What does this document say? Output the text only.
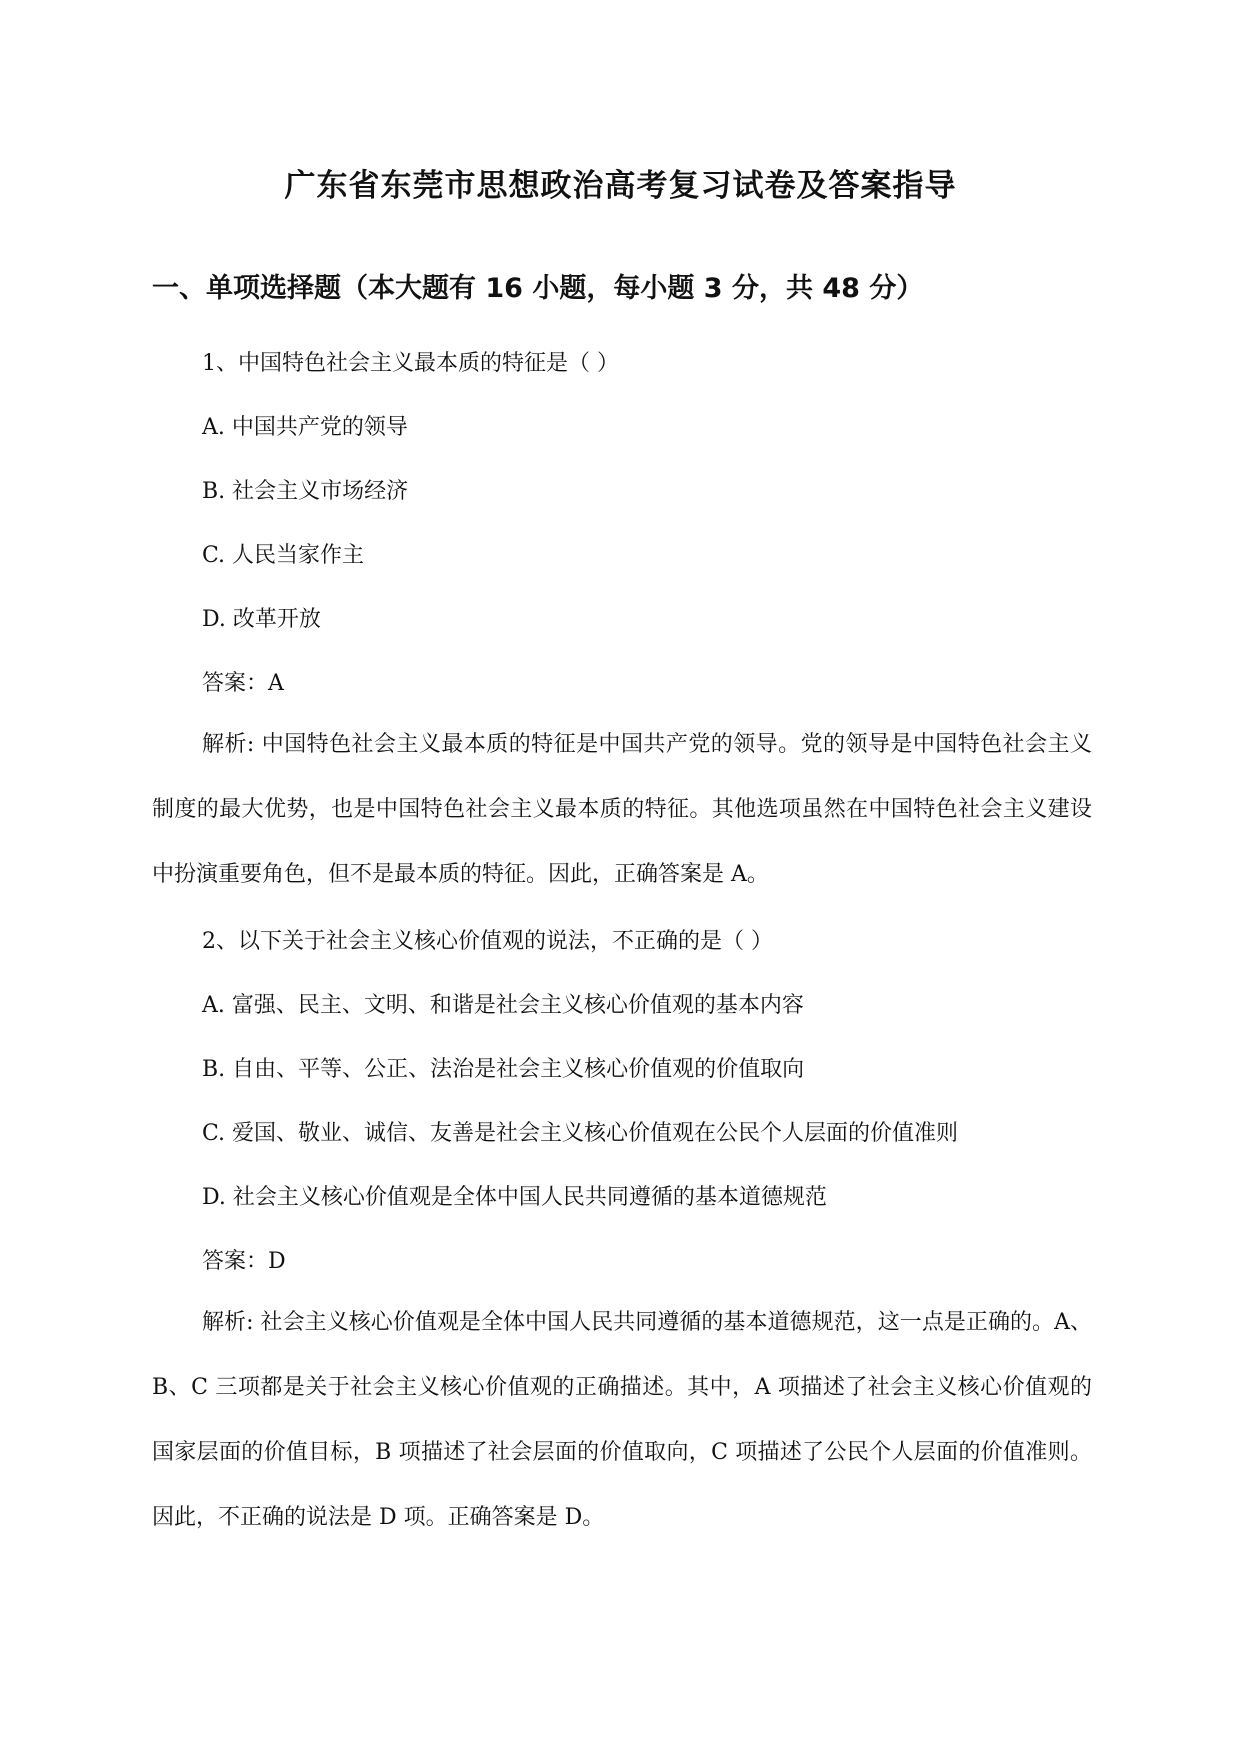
广东省东莞市思想政治高考复习试卷及答案指导
一、单项选择题（本大题有 16 小题，每小题 3 分，共 48 分）
1、中国特色社会主义最本质的特征是（ ）
A. 中国共产党的领导
B. 社会主义市场经济
C. 人民当家作主
D. 改革开放
答案：A
解析: 中国特色社会主义最本质的特征是中国共产党的领导。党的领导是中国特色社会主义制度的最大优势，也是中国特色社会主义最本质的特征。其他选项虽然在中国特色社会主义建设中扮演重要角色，但不是最本质的特征。因此，正确答案是 A。
2、以下关于社会主义核心价值观的说法，不正确的是（ ）
A. 富强、民主、文明、和谐是社会主义核心价值观的基本内容
B. 自由、平等、公正、法治是社会主义核心价值观的价值取向
C. 爱国、敬业、诚信、友善是社会主义核心价值观在公民个人层面的价值准则
D. 社会主义核心价值观是全体中国人民共同遵循的基本道德规范
答案：D
解析: 社会主义核心价值观是全体中国人民共同遵循的基本道德规范，这一点是正确的。A、B、C 三项都是关于社会主义核心价值观的正确描述。其中，A 项描述了社会主义核心价值观的国家层面的价值目标，B 项描述了社会层面的价值取向，C 项描述了公民个人层面的价值准则。因此，不正确的说法是 D 项。正确答案是 D。
